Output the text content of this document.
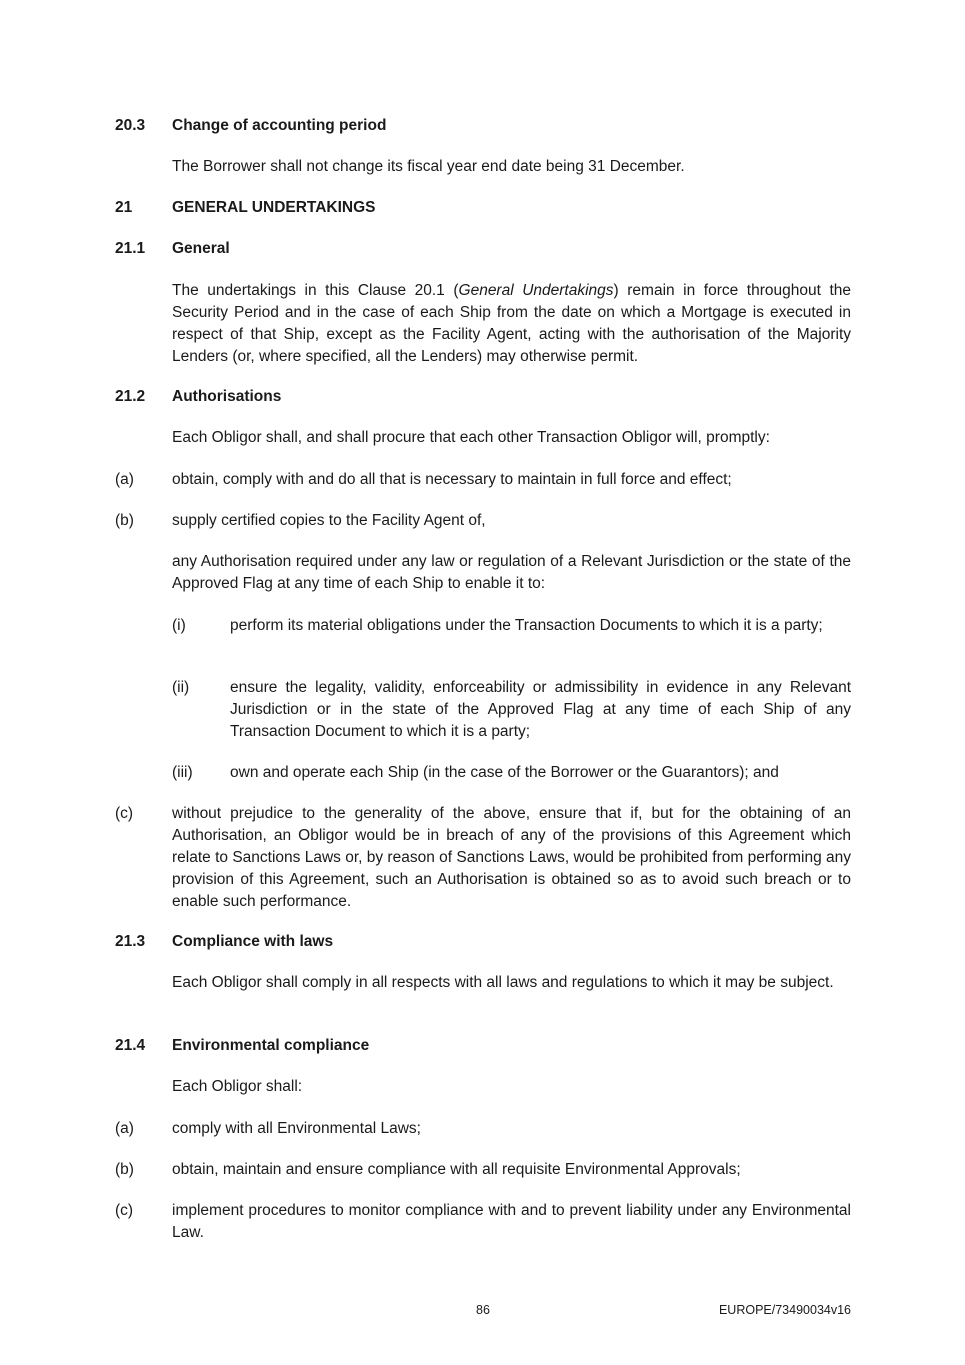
20.3 Change of accounting period
The Borrower shall not change its fiscal year end date being 31 December.
21	GENERAL UNDERTAKINGS
21.1 General
The undertakings in this Clause 20.1 (General Undertakings) remain in force throughout the Security Period and in the case of each Ship from the date on which a Mortgage is executed in respect of that Ship, except as the Facility Agent, acting with the authorisation of the Majority Lenders (or, where specified, all the Lenders) may otherwise permit.
21.2 Authorisations
Each Obligor shall, and shall procure that each other Transaction Obligor will, promptly:
(a) obtain, comply with and do all that is necessary to maintain in full force and effect;
(b) supply certified copies to the Facility Agent of,
any Authorisation required under any law or regulation of a Relevant Jurisdiction or the state of the Approved Flag at any time of each Ship to enable it to:
(i)	perform its material obligations under the Transaction Documents to which it is a party;
(ii)	ensure the legality, validity, enforceability or admissibility in evidence in any Relevant Jurisdiction or in the state of the Approved Flag at any time of each Ship of any Transaction Document to which it is a party;
(iii) own and operate each Ship (in the case of the Borrower or the Guarantors); and
(c)	without prejudice to the generality of the above, ensure that if, but for the obtaining of an Authorisation, an Obligor would be in breach of any of the provisions of this Agreement which relate to Sanctions Laws or, by reason of Sanctions Laws, would be prohibited from performing any provision of this Agreement, such an Authorisation is obtained so as to avoid such breach or to enable such performance.
21.3 Compliance with laws
Each Obligor shall comply in all respects with all laws and regulations to which it may be subject.
21.4 Environmental compliance
Each Obligor shall:
(a) comply with all Environmental Laws;
(b) obtain, maintain and ensure compliance with all requisite Environmental Approvals;
(c)	implement procedures to monitor compliance with and to prevent liability under any Environmental Law.
86	EUROPE/73490034v16
